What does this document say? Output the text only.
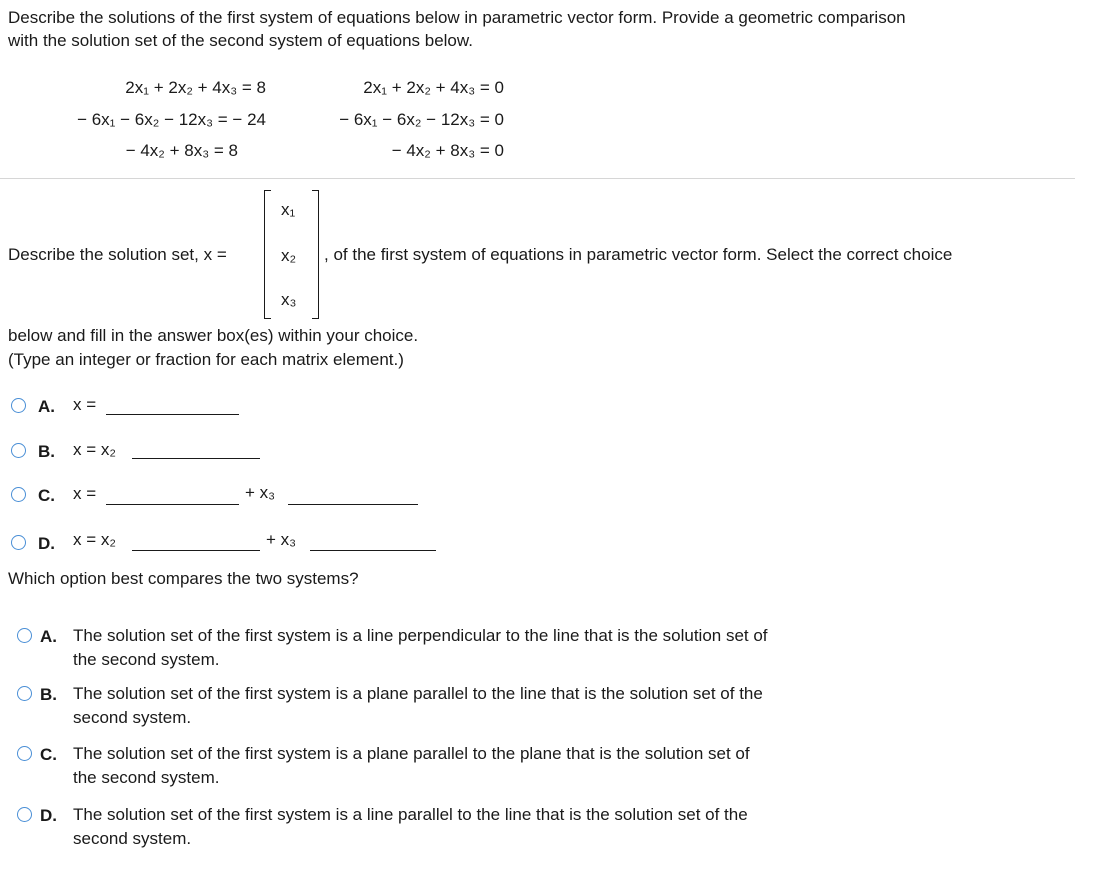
Describe the solutions of the first system of equations below in parametric vector form. Provide a geometric comparison
with the solution set of the second system of equations below.
2x₁ + 2x₂ + 4x₃ = 8
− 6x₁ − 6x₂ − 12x₃ = − 24
− 4x₂ + 8x₃ = 8
2x₁ + 2x₂ + 4x₃ = 0
− 6x₁ − 6x₂ − 12x₃ = 0
− 4x₂ + 8x₃ = 0
Describe the solution set, x =
x₁
x₂
x₃
, of the first system of equations in parametric vector form. Select the correct choice
below and fill in the answer box(es) within your choice.
(Type an integer or fraction for each matrix element.)
A. x =
B. x = x₂
C. x =	+ x₃
D. x = x₂	+ x₃
Which option best compares the two systems?
A. The solution set of the first system is a line perpendicular to the line that is the solution set of
the second system.
B. The solution set of the first system is a plane parallel to the line that is the solution set of the
second system.
C. The solution set of the first system is a plane parallel to the plane that is the solution set of
the second system.
D. The solution set of the first system is a line parallel to the line that is the solution set of the
second system.
